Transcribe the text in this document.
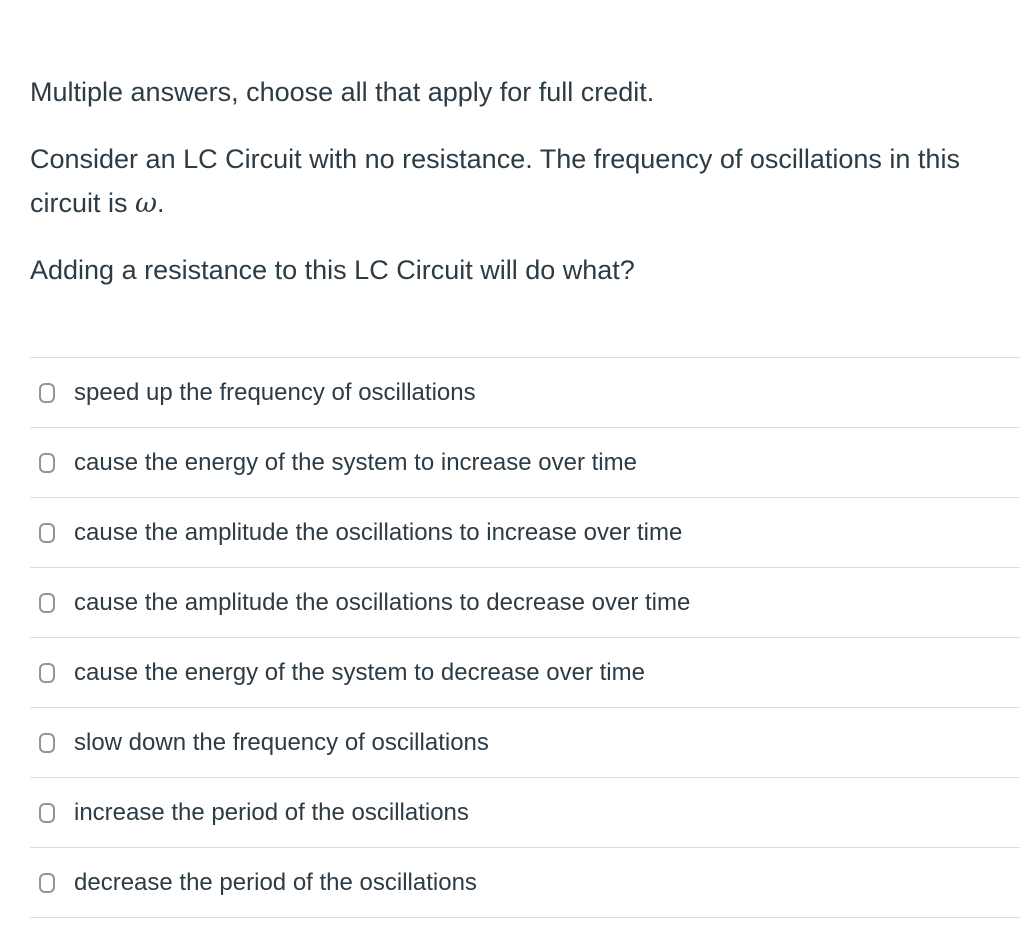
Multiple answers, choose all that apply for full credit.

Consider an LC Circuit with no resistance. The frequency of oscillations in this circuit is ω.

Adding a resistance to this LC Circuit will do what?

speed up the frequency of oscillations
cause the energy of the system to increase over time
cause the amplitude the oscillations to increase over time
cause the amplitude the oscillations to decrease over time
cause the energy of the system to decrease over time
slow down the frequency of oscillations
increase the period of the oscillations
decrease the period of the oscillations
